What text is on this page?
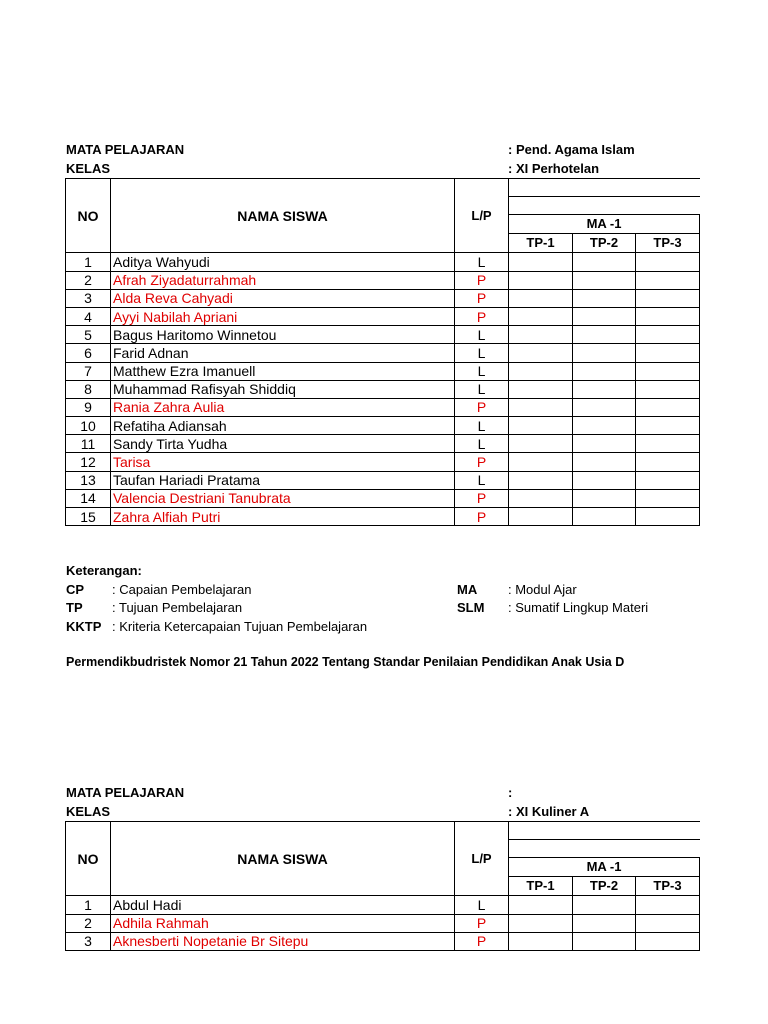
MATA PELAJARAN	: Pend. Agama Islam
KELAS	: XI Perhotelan
NO	NAMA SISWA	L/P			

			MA -1		
			TP-1	TP-2	TP-3
1	Aditya Wahyudi	L			
2	Afrah Ziyadaturrahmah	P			
3	Alda Reva Cahyadi	P			
4	Ayyi Nabilah Apriani	P			
5	Bagus Haritomo Winnetou	L			
6	Farid Adnan	L			
7	Matthew Ezra Imanuell	L			
8	Muhammad Rafisyah Shiddiq	L			
9	Rania Zahra Aulia	P			
10	Refatiha Adiansah	L			
11	Sandy Tirta Yudha	L			
12	Tarisa	P			
13	Taufan Hariadi Pratama	L			
14	Valencia Destriani Tanubrata	P			
15	Zahra Alfiah Putri	P			
Keterangan:
CP : Capaian Pembelajaran
TP : Tujuan Pembelajaran
KKTP : Kriteria Ketercapaian Tujuan Pembelajaran
MA : Modul Ajar
SLM : Sumatif Lingkup Materi
Permendikbudristek Nomor 21 Tahun 2022 Tentang Standar Penilaian Pendidikan Anak Usia D
MATA PELAJARAN	:
KELAS	: XI Kuliner A
NO	NAMA SISWA	L/P			

			MA -1		
			TP-1	TP-2	TP-3
1	Abdul Hadi	L			
2	Adhila Rahmah	P			
3	Aknesberti Nopetanie Br Sitepu	P			
